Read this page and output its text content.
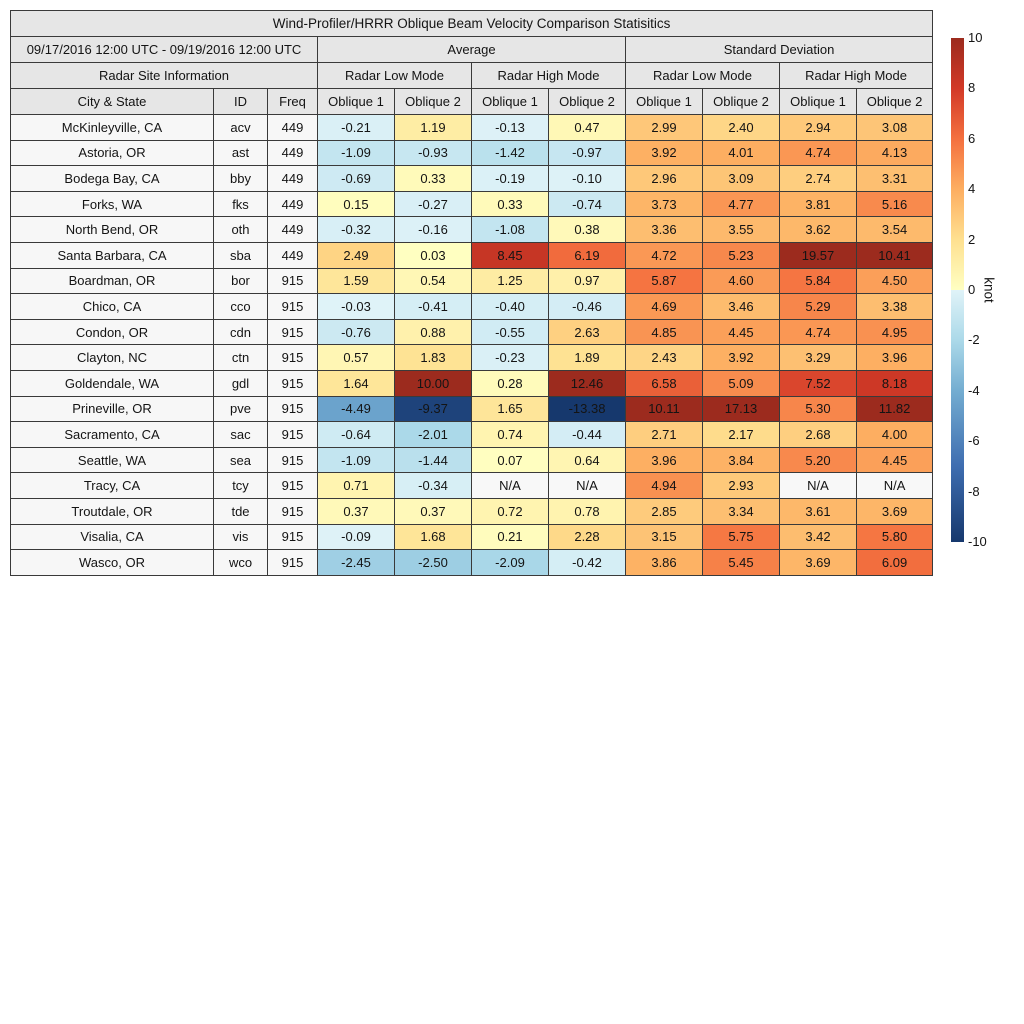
Wind-Profiler/HRRR Oblique Beam Velocity Comparison Statisitics										
09/17/2016 12:00 UTC - 09/19/2016 12:00 UTC			Average				Standard Deviation			
Radar Site Information			Radar Low Mode		Radar High Mode		Radar Low Mode		Radar High Mode	
City & State	ID	Freq	Oblique 1	Oblique 2	Oblique 1	Oblique 2	Oblique 1	Oblique 2	Oblique 1	Oblique 2
McKinleyville, CA	acv	449	-0.21	1.19	-0.13	0.47	2.99	2.40	2.94	3.08
Astoria, OR	ast	449	-1.09	-0.93	-1.42	-0.97	3.92	4.01	4.74	4.13
Bodega Bay, CA	bby	449	-0.69	0.33	-0.19	-0.10	2.96	3.09	2.74	3.31
Forks, WA	fks	449	0.15	-0.27	0.33	-0.74	3.73	4.77	3.81	5.16
North Bend, OR	oth	449	-0.32	-0.16	-1.08	0.38	3.36	3.55	3.62	3.54
Santa Barbara, CA	sba	449	2.49	0.03	8.45	6.19	4.72	5.23	19.57	10.41
Boardman, OR	bor	915	1.59	0.54	1.25	0.97	5.87	4.60	5.84	4.50
Chico, CA	cco	915	-0.03	-0.41	-0.40	-0.46	4.69	3.46	5.29	3.38
Condon, OR	cdn	915	-0.76	0.88	-0.55	2.63	4.85	4.45	4.74	4.95
Clayton, NC	ctn	915	0.57	1.83	-0.23	1.89	2.43	3.92	3.29	3.96
Goldendale, WA	gdl	915	1.64	10.00	0.28	12.46	6.58	5.09	7.52	8.18
Prineville, OR	pve	915	-4.49	-9.37	1.65	-13.38	10.11	17.13	5.30	11.82
Sacramento, CA	sac	915	-0.64	-2.01	0.74	-0.44	2.71	2.17	2.68	4.00
Seattle, WA	sea	915	-1.09	-1.44	0.07	0.64	3.96	3.84	5.20	4.45
Tracy, CA	tcy	915	0.71	-0.34	N/A	N/A	4.94	2.93	N/A	N/A
Troutdale, OR	tde	915	0.37	0.37	0.72	0.78	2.85	3.34	3.61	3.69
Visalia, CA	vis	915	-0.09	1.68	0.21	2.28	3.15	5.75	3.42	5.80
Wasco, OR	wco	915	-2.45	-2.50	-2.09	-0.42	3.86	5.45	3.69	6.09
10
8
6
4
2
0
-2
-4
-6
-8
-10
knot
